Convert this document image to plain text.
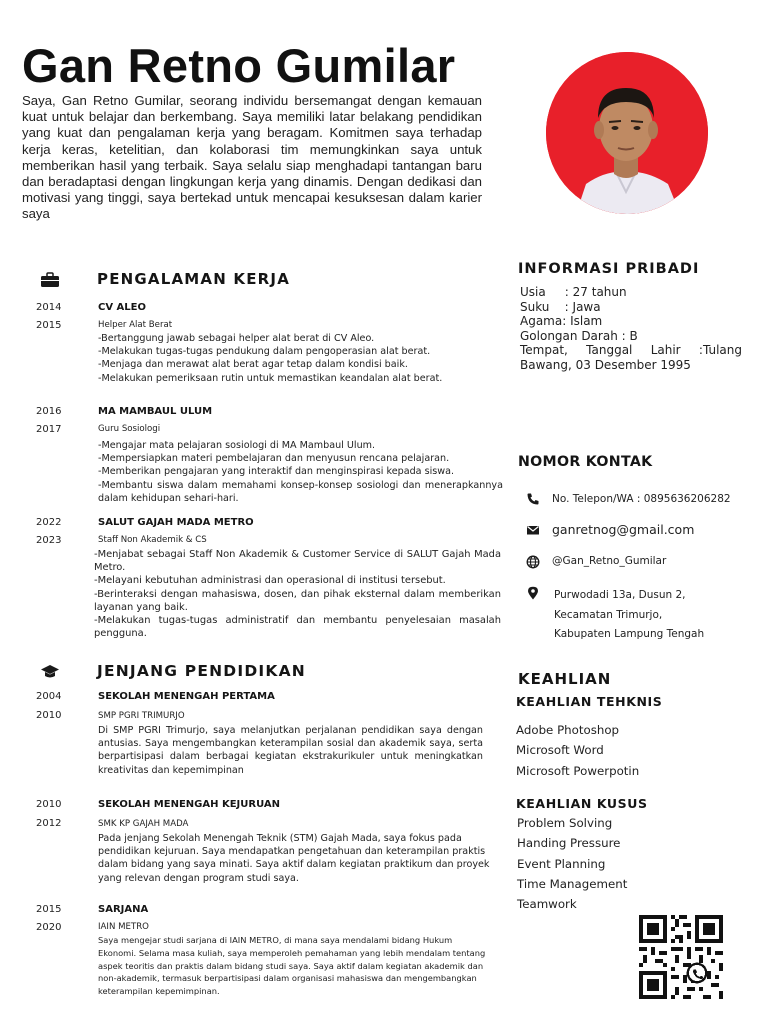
Gan Retno Gumilar
Saya, Gan Retno Gumilar, seorang individu bersemangat dengan kemauan kuat untuk belajar dan berkembang. Saya memiliki latar belakang pendidikan yang kuat dan pengalaman kerja yang beragam. Komitmen saya terhadap kerja keras, ketelitian, dan kolaborasi tim memungkinkan saya untuk memberikan hasil yang terbaik. Saya selalu siap menghadapi tantangan baru dan beradaptasi dengan lingkungan kerja yang dinamis. Dengan dedikasi dan motivasi yang tinggi, saya bertekad untuk mencapai kesuksesan dalam karier saya
PENGALAMAN KERJA
2014
2015
CV ALEO
Helper Alat Berat
-Bertanggung jawab sebagai helper alat berat di CV Aleo.
-Melakukan tugas-tugas pendukung dalam pengoperasian alat berat.
-Menjaga dan merawat alat berat agar tetap dalam kondisi baik.
-Melakukan pemeriksaan rutin untuk memastikan keandalan alat berat.
2016
2017
MA MAMBAUL ULUM
Guru Sosiologi
-Mengajar mata pelajaran sosiologi di MA Mambaul Ulum.
-Mempersiapkan materi pembelajaran dan menyusun rencana pelajaran.
-Memberikan pengajaran yang interaktif dan menginspirasi kepada siswa.
-Membantu siswa dalam memahami konsep-konsep sosiologi dan menerapkannya dalam kehidupan sehari-hari.
2022
2023
SALUT GAJAH MADA METRO
Staff Non Akademik & CS
-Menjabat sebagai Staff Non Akademik & Customer Service di SALUT Gajah Mada Metro.
-Melayani kebutuhan administrasi dan operasional di institusi tersebut.
-Berinteraksi dengan mahasiswa, dosen, dan pihak eksternal dalam memberikan layanan yang baik.
-Melakukan tugas-tugas administratif dan membantu penyelesaian masalah pengguna.
JENJANG PENDIDIKAN
2004
2010
SEKOLAH MENENGAH PERTAMA
SMP PGRI TRIMURJO
Di SMP PGRI Trimurjo, saya melanjutkan perjalanan pendidikan saya dengan antusias. Saya mengembangkan keterampilan sosial dan akademik saya, serta berpartisipasi dalam berbagai kegiatan ekstrakurikuler untuk meningkatkan kreativitas dan kepemimpinan
2010
2012
SEKOLAH MENENGAH KEJURUAN
SMK KP GAJAH MADA
Pada jenjang Sekolah Menengah Teknik (STM) Gajah Mada, saya fokus pada pendidikan kejuruan. Saya mendapatkan pengetahuan dan keterampilan praktis dalam bidang yang saya minati. Saya aktif dalam kegiatan praktikum dan proyek yang relevan dengan program studi saya.
2015
2020
SARJANA
IAIN METRO
Saya mengejar studi sarjana di IAIN METRO, di mana saya mendalami bidang Hukum Ekonomi. Selama masa kuliah, saya memperoleh pemahaman yang lebih mendalam tentang aspek teoritis dan praktis dalam bidang studi saya. Saya aktif dalam kegiatan akademik dan non-akademik, termasuk berpartisipasi dalam organisasi mahasiswa dan mengembangkan keterampilan kepemimpinan.
INFORMASI PRIBADI
Usia     : 27 tahun
Suku    : Jawa
Agama: Islam
Golongan Darah : B
Tempat, Tanggal Lahir :Tulang Bawang, 03 Desember 1995
NOMOR KONTAK
No. Telepon/WA : 0895636206282
ganretnog@gmail.com
@Gan_Retno_Gumilar
Purwodadi 13a, Dusun 2,
Kecamatan Trimurjo,
Kabupaten Lampung Tengah
KEAHLIAN
KEAHLIAN TEHKNIS
Adobe Photoshop
Microsoft Word
Microsoft Powerpotin
KEAHLIAN KUSUS
Problem Solving
Handing Pressure
Event Planning
Time Management
Teamwork
